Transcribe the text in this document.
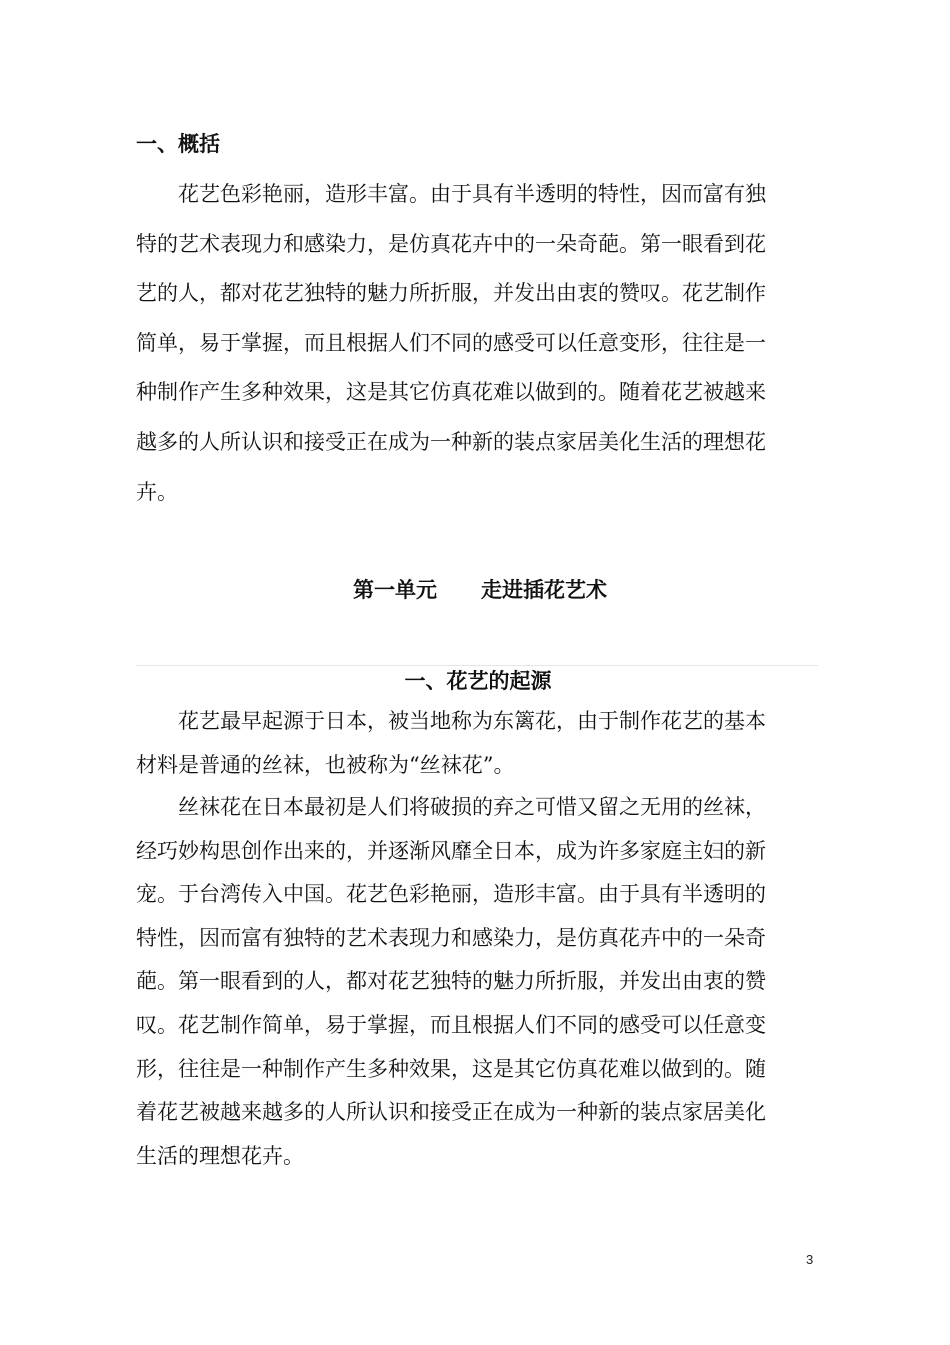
一、概括

花艺色彩艳丽，造形丰富。由于具有半透明的特性，因而富有独特的艺术表现力和感染力，是仿真花卉中的一朵奇葩。第一眼看到花艺的人，都对花艺独特的魅力所折服，并发出由衷的赞叹。花艺制作简单，易于掌握，而且根据人们不同的感受可以任意变形，往往是一种制作产生多种效果，这是其它仿真花难以做到的。随着花艺被越来越多的人所认识和接受正在成为一种新的装点家居美化生活的理想花卉。

第一单元 走进插花艺术
一、花艺的起源

花艺最早起源于日本，被当地称为东篱花，由于制作花艺的基本材料是普通的丝袜，也被称为“丝袜花”。

丝袜花在日本最初是人们将破损的弃之可惜又留之无用的丝袜，经巧妙构思创作出来的，并逐渐风靡全日本，成为许多家庭主妇的新宠。于台湾传入中国。花艺色彩艳丽，造形丰富。由于具有半透明的特性，因而富有独特的艺术表现力和感染力，是仿真花卉中的一朵奇葩。第一眼看到的人，都对花艺独特的魅力所折服，并发出由衷的赞叹。花艺制作简单，易于掌握，而且根据人们不同的感受可以任意变形，往往是一种制作产生多种效果，这是其它仿真花难以做到的。随着花艺被越来越多的人所认识和接受正在成为一种新的装点家居美化生活的理想花卉。

3
